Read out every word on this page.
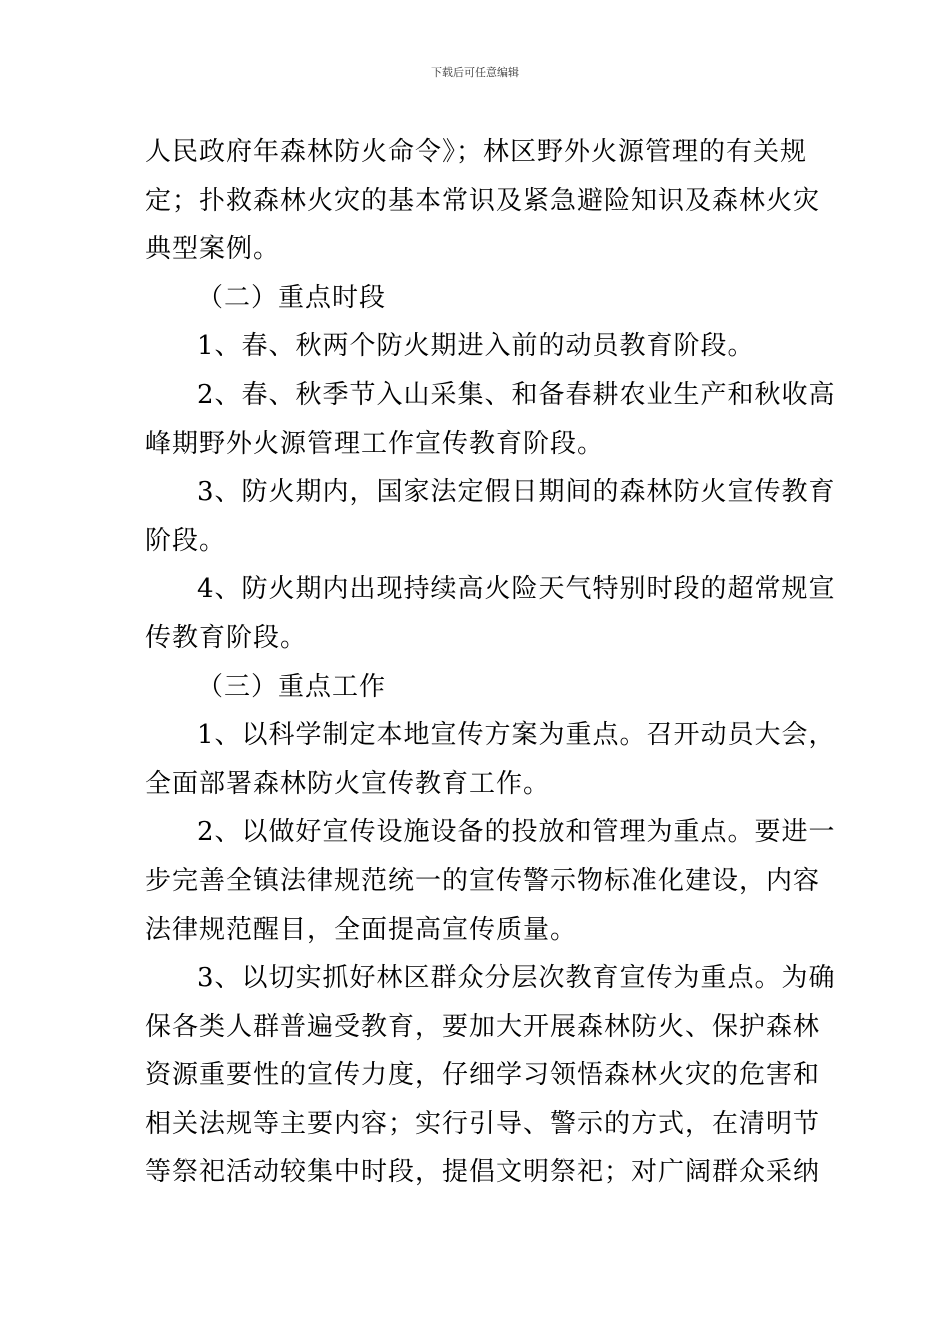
下载后可任意编辑

人民政府年森林防火命令》；林区野外火源管理的有关规
定；扑救森林火灾的基本常识及紧急避险知识及森林火灾
典型案例。

（二）重点时段

1、春、秋两个防火期进入前的动员教育阶段。

2、春、秋季节入山采集、和备春耕农业生产和秋收高
峰期野外火源管理工作宣传教育阶段。

3、防火期内，国家法定假日期间的森林防火宣传教育
阶段。

4、防火期内出现持续高火险天气特别时段的超常规宣
传教育阶段。

（三）重点工作

1、以科学制定本地宣传方案为重点。召开动员大会，
全面部署森林防火宣传教育工作。

2、以做好宣传设施设备的投放和管理为重点。要进一
步完善全镇法律规范统一的宣传警示物标准化建设，内容
法律规范醒目，全面提高宣传质量。

3、以切实抓好林区群众分层次教育宣传为重点。为确
保各类人群普遍受教育，要加大开展森林防火、保护森林
资源重要性的宣传力度，仔细学习领悟森林火灾的危害和
相关法规等主要内容；实行引导、警示的方式，在清明节
等祭祀活动较集中时段，提倡文明祭祀；对广阔群众采纳
